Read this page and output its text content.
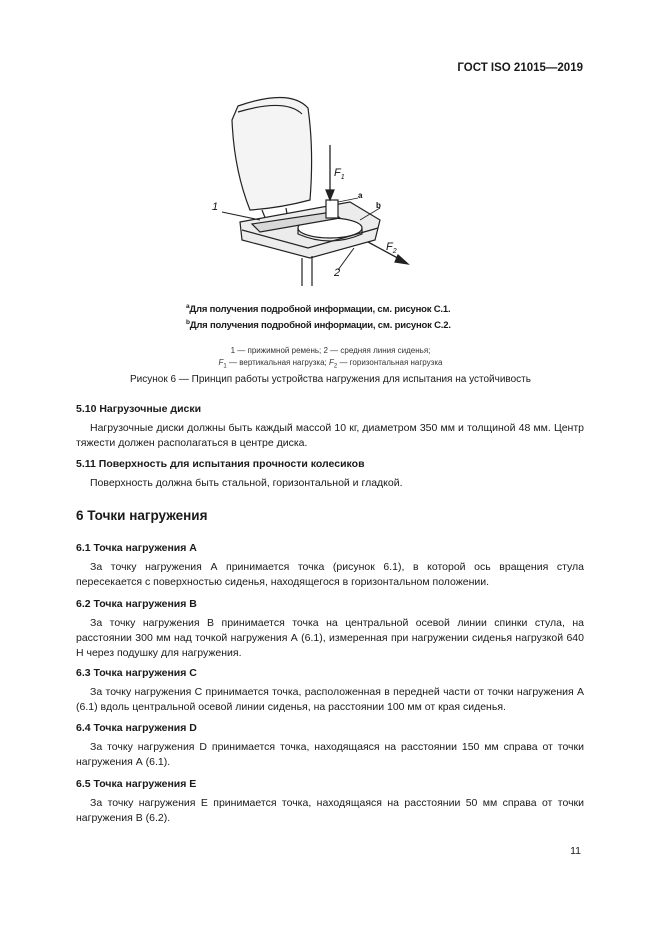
ГОСТ ISO 21015—2019
$F_1$
$F_2$
1
2
a
b
$^a$Для получения подробной информации, см. рисунок С.1.
$^b$Для получения подробной информации, см. рисунок С.2.
1 — прижимной ремень; 2 — средняя линия сиденья;
$F_1$ — вертикальная нагрузка; $F_2$ — горизонтальная нагрузка
Рисунок 6 — Принцип работы устройства нагружения для испытания на устойчивость
5.10 Нагрузочные диски
Нагрузочные диски должны быть каждый массой 10 кг, диаметром 350 мм и толщиной 48 мм. Центр тяжести должен располагаться в центре диска.
5.11 Поверхность для испытания прочности колесиков
Поверхность должна быть стальной, горизонтальной и гладкой.
6 Точки нагружения
6.1 Точка нагружения А
За точку нагружения А принимается точка (рисунок 6.1), в которой ось вращения стула пересекается с поверхностью сиденья, находящегося в горизонтальном положении.
6.2 Точка нагружения В
За точку нагружения В принимается точка на центральной осевой линии спинки стула, на расстоянии 300 мм над точкой нагружения А (6.1), измеренная при нагружении сиденья нагрузкой 640 Н через подушку для нагружения.
6.3 Точка нагружения С
За точку нагружения С принимается точка, расположенная в передней части от точки нагружения А (6.1) вдоль центральной осевой линии сиденья, на расстоянии 100 мм от края сиденья.
6.4 Точка нагружения D
За точку нагружения D принимается точка, находящаяся на расстоянии 150 мм справа от точки нагружения А (6.1).
6.5 Точка нагружения Е
За точку нагружения Е принимается точка, находящаяся на расстоянии 50 мм справа от точки нагружения В (6.2).
11
